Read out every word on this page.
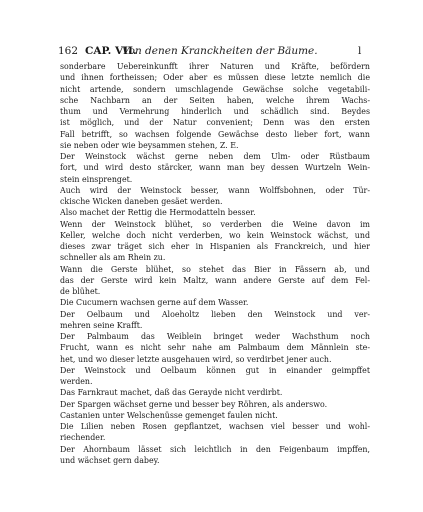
162 CAP. VII.
Von denen Kranckheiten der Bäume.	l
sonderbare Uebereinkunfft ihrer Naturen und Kräfte, befördern
und ihnen fortheissen; Oder aber es müssen diese letzte nemlich die
nicht artende, sondern umschlagende Gewächse solche vegetabili-
sche Nachbarn an der Seiten haben, welche ihrem Wachs-
thum und Vermehrung hinderlich und schädlich sind. Beydes
ist möglich, und der Natur convenient; Denn was den ersten
Fall betrifft, so wachsen folgende Gewächse desto lieber fort, wann
sie neben oder wie beysammen stehen, Z. E.
Der Weinstock wächst gerne neben dem Ulm- oder Rüstbaum
fort, und wird desto stärcker, wann man bey dessen Wurtzeln Wein-
stein einsprenget.
Auch wird der Weinstock besser, wann Wolffsbohnen, oder Tür-
ckische Wicken daneben gesäet werden.
Also machet der Rettig die Hermodatteln besser.
Wenn der Weinstock blühet, so verderben die Weine davon im
Keller, welche doch nicht verderben, wo kein Weinstock wächst, und
dieses zwar träget sich eher in Hispanien als Franckreich, und hier
schneller als am Rhein zu.
Wann die Gerste blühet, so stehet das Bier in Fässern ab, und
das der Gerste wird kein Maltz, wann andere Gerste auf dem Fel-
de blühet.
Die Cucumern wachsen gerne auf dem Wasser.
Der Oelbaum und Aloeholtz lieben den Weinstock und ver-
mehren seine Krafft.
Der Palmbaum das Weiblein bringet weder Wachsthum noch
Frucht, wann es nicht sehr nahe am Palmbaum dem Männlein ste-
het, und wo dieser letzte ausgehauen wird, so verdirbet jener auch.
Der Weinstock und Oelbaum können gut in einander geimpffet
werden.
Das Farnkraut machet, daß das Gerayde nicht verdirbt.
Der Spargen wächset gerne und besser bey Röhren, als anderswo.
Castanien unter Welschenüsse gemenget faulen nicht.
Die Lilien neben Rosen gepflantzet, wachsen viel besser und wohl-
riechender.
Der Ahornbaum lässet sich leichtlich in den Feigenbaum impffen,
und wächset gern dabey.
